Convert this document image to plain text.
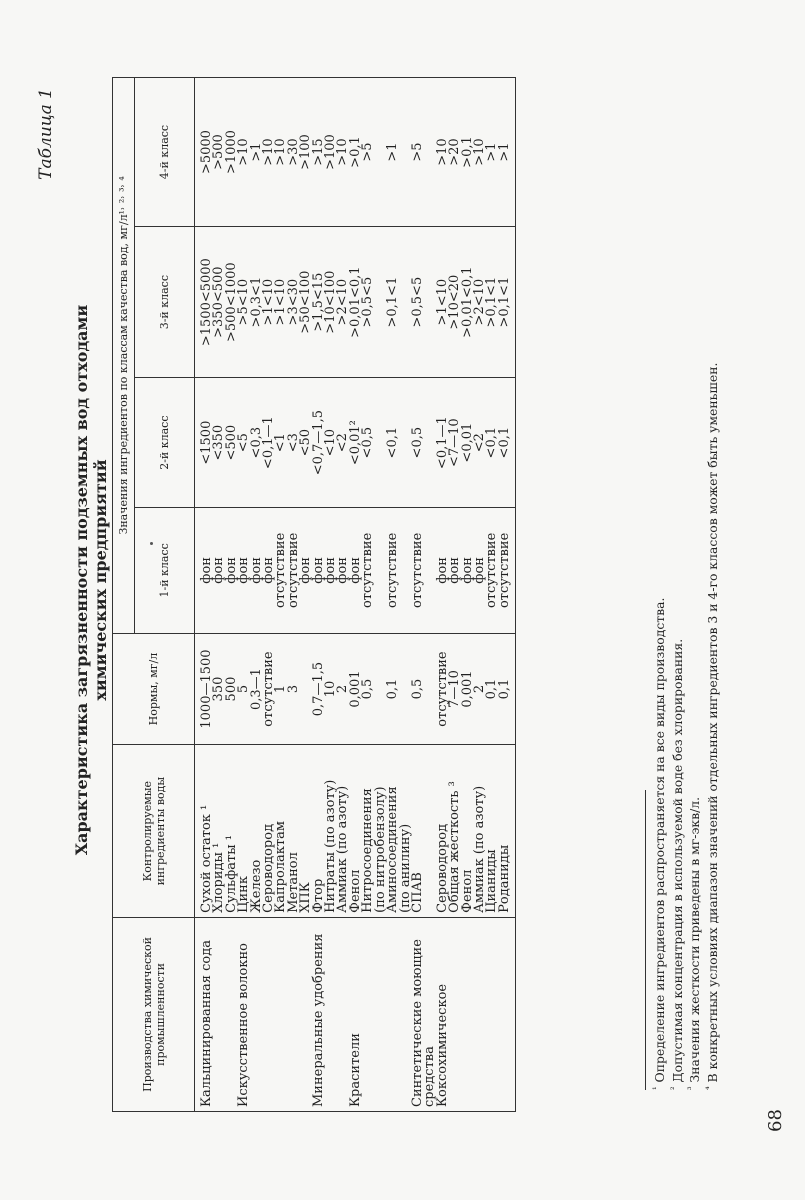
68
Таблица 1
Характеристика загрязненности подземных вод отходами химических предприятий
Производства химической промышленности	Контролируемые ингредиенты воды	Нормы, мг/л	Значения ингредиентов по классам качества вод, мг/л¹˒ ²˒ ³˒ ⁴			
			1-й класс	2-й класс	3-й класс	4-й класс
Кальцинированная сода	Сухой остаток ¹	1000—1500	фон	<1500	>1500<5000	>5000
	Хлориды ¹	350	фон	<350	>350<500	>500
	Сульфаты ¹	500	фон	<500	>500<1000	>1000
Искусственное волокно	Цинк	5	фон	<5	>5<10	>10
	Железо	0,3—1	фон	<0,3	>0,3<1	>1
	Сероводород	отсутствие	фон	<0,1—1	>1<10	>10
	Капролактам	1	отсутствие	<1	>1<10	>10
	Метанол	3	отсутствие	<3	>3<30	>30
	ХПК		фон	<50	>50<100	>100
Минеральные удобрения	Фтор	0,7—1,5	фон	<0,7—1,5	>1,5<15	>15
	Нитраты (по азоту)	10	фон	<10	>10<100	>100
	Аммиак (по азоту)	2	фон	<2	>2<10	>10
Красители	Фенол	0,001	фон	<0,01²	>0,01<0,1	>0,1
	Нитросоединения	0,5	отсутствие	<0,5	>0,5<5	>5
	(по нитробензолу)					
	Аминосоединения	0,1	отсутствие	<0,1	>0,1<1	>1
	(по анилину)					
Синтетические моющие	СПАВ	0,5	отсутствие	<0,5	>0,5<5	>5
средства						
Коксохимическое	Сероводород	отсутствие	фон	<0,1—1	>1<10	>10
	Общая жесткость ³	7—10	фон	<7—10	>10<20	>20
	Фенол	0,001	фон	<0,01	>0,01<0,1	>0,1
	Аммиак (по азоту)	2	фон	<2	>2<10	>10
	Цианиды	0,1	отсутствие	<0,1	>0,1<1	>1
	Роданиды	0,1	отсутствие	<0,1	>0,1<1	>1

$^{^1}$ Определение ингредиентов распространяется на все виды производства.

$^{^2}$ Допустимая концентрация в используемой воде без хлорирования.

$^{^3}$ Значения жесткости приведены в мг-экв/л.

$^{^4}$ В конкретных условиях диапазон значений отдельных ингредиентов 3 и 4-го классов может быть уменьшен.
